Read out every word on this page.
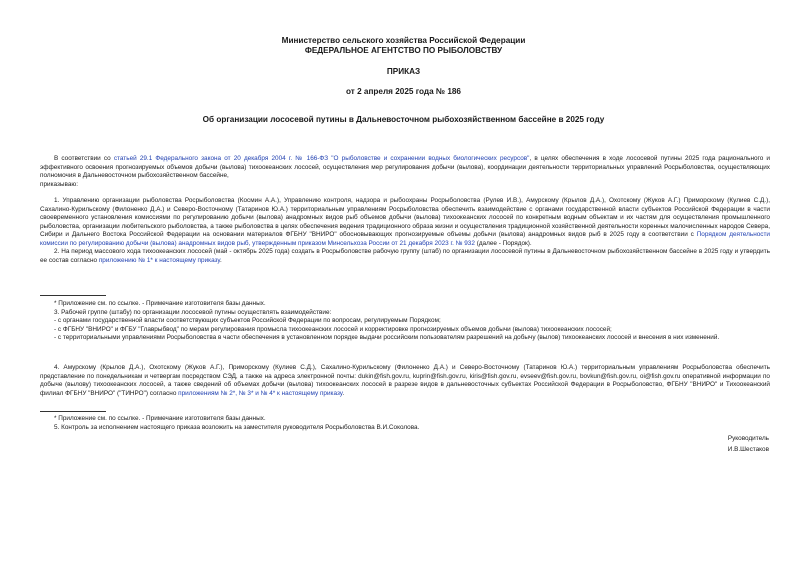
Министерство сельского хозяйства Российской Федерации
ФЕДЕРАЛЬНОЕ АГЕНТСТВО ПО РЫБОЛОВСТВУ
ПРИКАЗ
от 2 апреля 2025 года № 186
Об организации лососевой путины в Дальневосточном рыбохозяйственном бассейне в 2025 году

В соответствии со статьей 29.1 Федерального закона от 20 декабря 2004 г. № 166-ФЗ "О рыболовстве и сохранении водных биологических ресурсов", в целях обеспечения в ходе лососевой путины 2025 года рационального и эффективного освоения прогнозируемых объемов добычи (вылова) тихоокеанских лососей, осуществления мер регулирования добычи (вылова), координации деятельности территориальных управлений Росрыболовства, осуществляющих полномочия в Дальневосточном рыбохозяйственном бассейне,

приказываю:

1. Управлению организации рыболовства Росрыболовства (Космин А.А.), Управлению контроля, надзора и рыбоохраны Росрыболовства (Рулев И.В.), Амурскому (Крылов Д.А.), Охотскому (Жуков А.Г.) Приморскому (Кулиев С.Д.), Сахалино-Курильскому (Филоненко Д.А.) и Северо-Восточному (Татаринов Ю.А.) территориальным управлениям Росрыболовства обеспечить взаимодействие с органами государственной власти субъектов Российской Федерации в части своевременного установления комиссиями по регулированию добычи (вылова) анадромных видов рыб объемов добычи (вылова) тихоокеанских лососей по конкретным водным объектам и их частям для осуществления промышленного рыболовства, организации любительского рыболовства, а также рыболовства в целях обеспечения ведения традиционного образа жизни и осуществления традиционной хозяйственной деятельности коренных малочисленных народов Севера, Сибири и Дальнего Востока Российской Федерации на основании материалов ФГБНУ "ВНИРО" обосновывающих прогнозируемые объемы добычи (вылова) анадромных видов рыб в 2025 году в соответствии с Порядком деятельности комиссии по регулированию добычи (вылова) анадромных видов рыб, утвержденным приказом Минсельхоза России от 21 декабря 2023 г. № 932 (далее - Порядок).

2. На период массового хода тихоокеанских лососей (май - октябрь 2025 года) создать в Росрыболовстве рабочую группу (штаб) по организации лососевой путины в Дальневосточном рыбохозяйственном бассейне в 2025 году и утвердить ее состав согласно приложению № 1* к настоящему приказу.

* Приложение см. по ссылке. - Примечание изготовителя базы данных.

3. Рабочей группе (штабу) по организации лососевой путины осуществлять взаимодействие:

- с органами государственной власти соответствующих субъектов Российской Федерации по вопросам, регулируемым Порядком;

- с ФГБНУ "ВНИРО" и ФГБУ "Главрыбвод" по мерам регулирования промысла тихоокеанских лососей и корректировке прогнозируемых объемов добычи (вылова) тихоокеанских лососей;

- с территориальными управлениями Росрыболовства в части обеспечения в установленном порядке выдачи российским пользователям разрешений на добычу (вылов) тихоокеанских лососей и внесения в них изменений.

4. Амурскому (Крылов Д.А.), Охотскому (Жуков А.Г.), Приморскому (Кулиев С.Д.), Сахалино-Курильскому (Филоненко Д.А.) и Северо-Восточному (Татаринов Ю.А.) территориальным управлениям Росрыболовства обеспечить представление по понедельникам и четвергам посредством СЭД, а также на адреса электронной почты: dukin@fish.gov.ru, kuprin@fish.gov.ru, kiris@fish.gov.ru, evseev@fish.gov.ru, bovkun@fish.gov.ru, oi@fish.gov.ru оперативной информации по добыче (вылову) тихоокеанских лососей, а также сведений об объемах добычи (вылова) тихоокеанских лососей в разрезе видов в дальневосточных субъектах Российской Федерации в Росрыболовство, ФГБНУ "ВНИРО" и Тихоокеанский филиал ФГБНУ "ВНИРО" ("ТИНРО") согласно приложениям № 2*, № 3* и № 4* к настоящему приказу.

* Приложение см. по ссылке. - Примечание изготовителя базы данных.

5. Контроль за исполнением настоящего приказа возложить на заместителя руководителя Росрыболовства В.И.Соколова.

Руководитель
И.В.Шестаков
